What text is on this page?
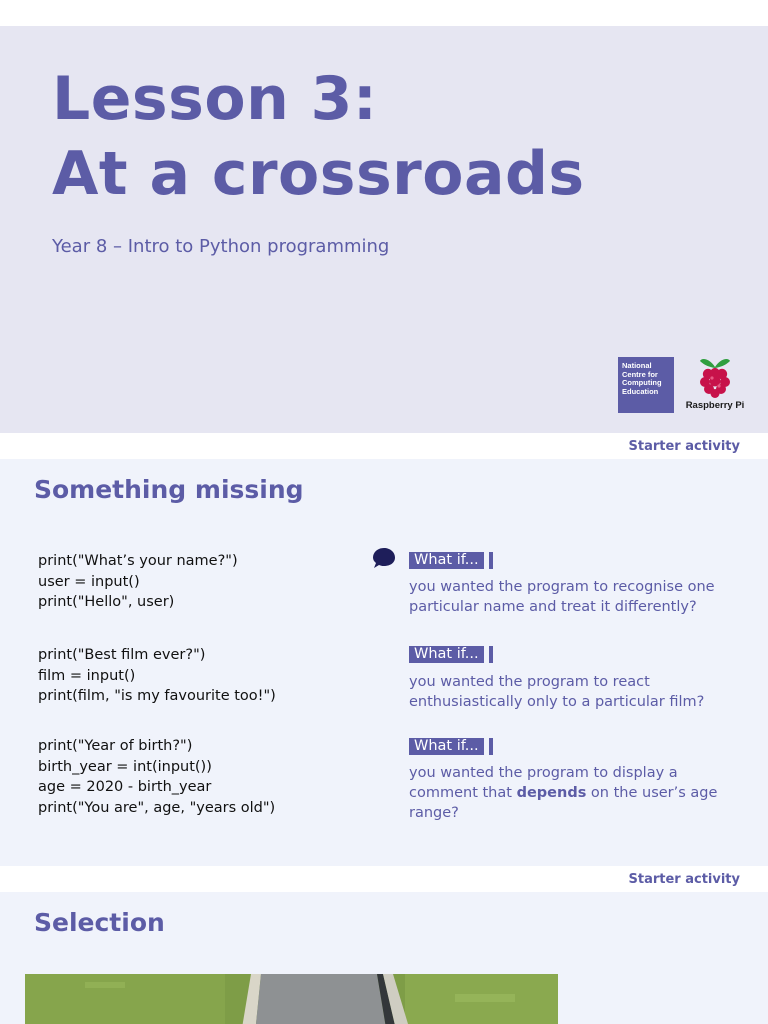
Lesson 3:
At a crossroads
Year 8 – Intro to Python programming
National
Centre for
Computing
Education
Raspberry Pi
Starter activity
Something missing
print("What’s your name?")
user = input()
print("Hello", user)
print("Best film ever?")
film = input()
print(film, "is my favourite too!")
print("Year of birth?")
birth_year = int(input())
age = 2020 - birth_year
print("You are", age, "years old")
What if...
you wanted the program to recognise one particular name and treat it differently?
What if...
you wanted the program to react enthusiastically only to a particular film?
What if...
you wanted the program to display a comment that depends on the user’s age range?
Starter activity
Selection
